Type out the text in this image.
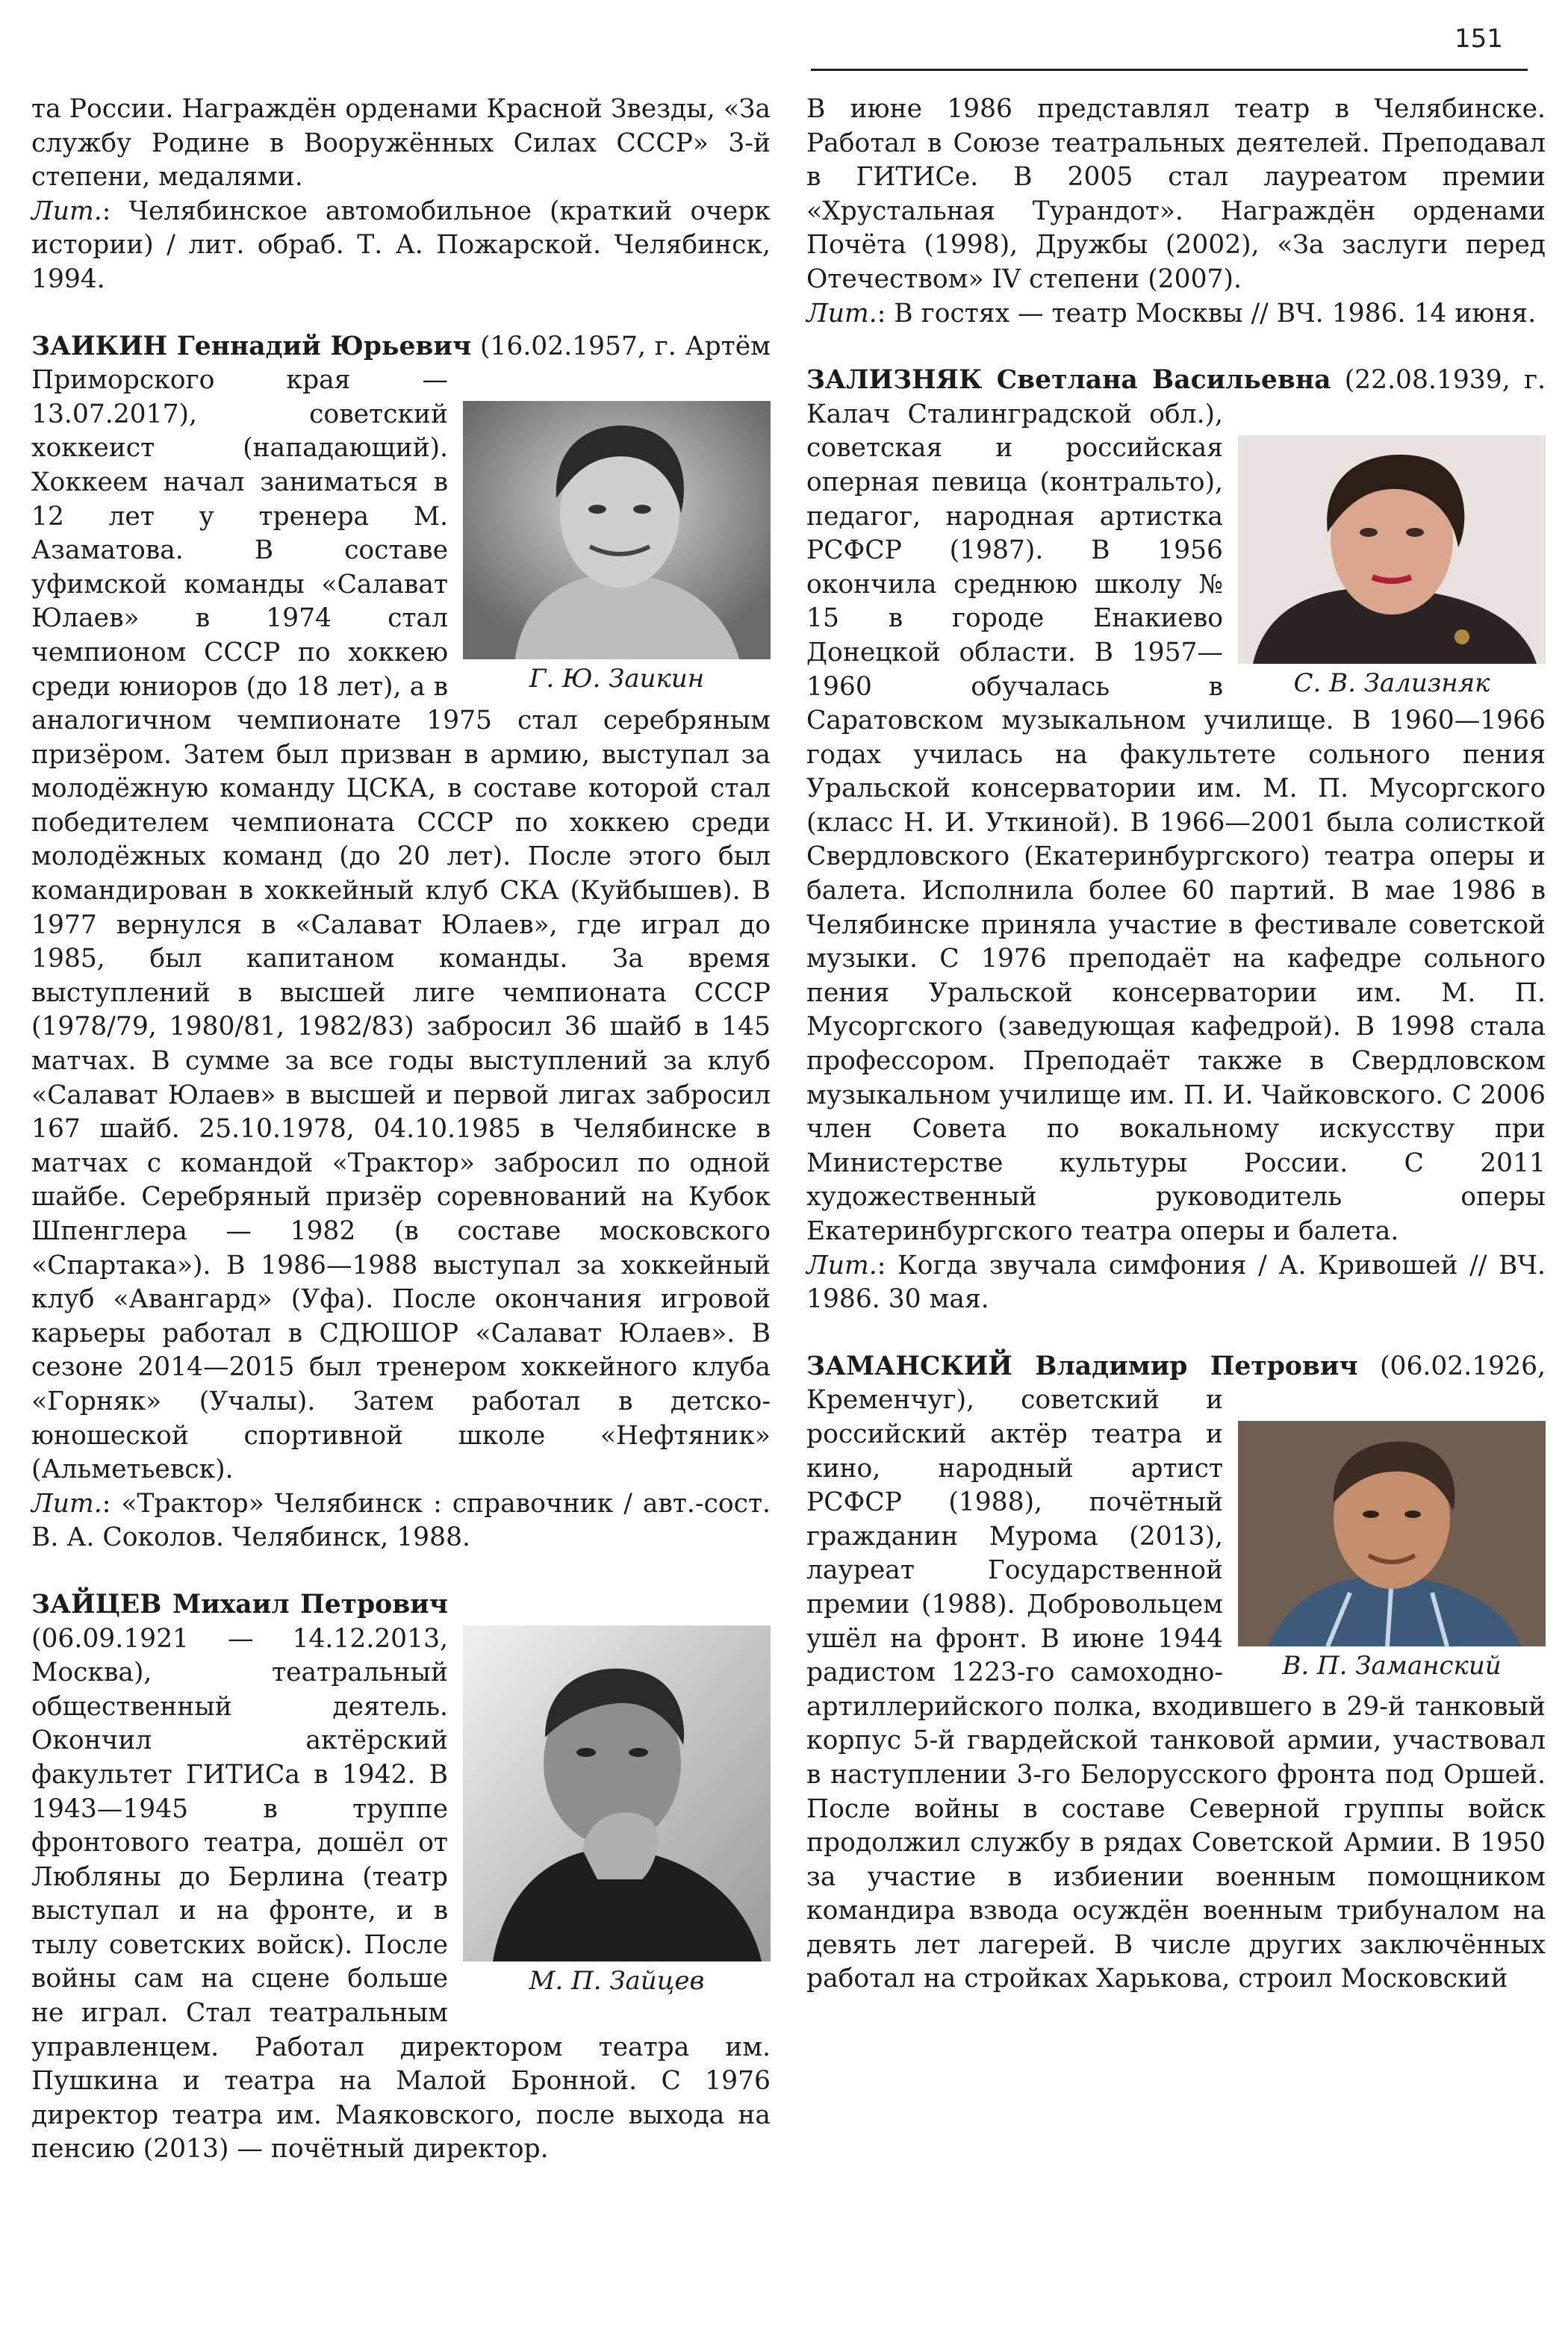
151

та России. Награждён орденами Красной Звезды, «За службу Родине в Вооружённых Силах СССР» 3-й степени, медалями.
Лит.: Челябинское автомобильное (краткий очерк истории) / лит. обраб. Т. А. Пожарской. Челябинск, 1994.

ЗАИКИН Геннадий Юрьевич
Г. Ю. Заикин
(16.02.1957, г. Артём Приморского края — 13.07.2017), советский хоккеист (нападающий). Хоккеем начал заниматься в 12 лет у тренера М. Азаматова. В составе уфимской команды «Салават Юлаев» в 1974 стал чемпионом СССР по хоккею среди юниоров (до 18 лет), а в аналогичном чемпионате 1975 стал серебряным призёром. Затем был призван в армию, выступал за молодёжную команду ЦСКА, в составе которой стал победителем чемпионата СССР по хоккею среди молодёжных команд (до 20 лет). После этого был командирован в хоккейный клуб СКА (Куйбышев). В 1977 вернулся в «Салават Юлаев», где играл до 1985, был капитаном команды. За время выступлений в высшей лиге чемпионата СССР (1978/79, 1980/81, 1982/83) забросил 36 шайб в 145 матчах. В сумме за все годы выступлений за клуб «Салават Юлаев» в высшей и первой лигах забросил 167 шайб. 25.10.1978, 04.10.1985 в Челябинске в матчах с командой «Трактор» забросил по одной шайбе. Серебряный призёр соревнований на Кубок Шпенглера — 1982 (в составе московского «Спартака»). В 1986—1988 выступал за хоккейный клуб «Авангард» (Уфа). После окончания игровой карьеры работал в СДЮШОР «Салават Юлаев». В сезоне 2014—2015 был тренером хоккейного клуба «Горняк» (Учалы). Затем работал в детско-юношеской спортивной школе «Нефтяник» (Альметьевск).
Лит.: «Трактор» Челябинск : справочник / авт.-сост. В. А. Соколов. Челябинск, 1988.

ЗАЙЦЕВ Михаил Петрович
М. П. Зайцев
(06.09.1921 — 14.12.2013, Москва), театральный общественный деятель. Окончил актёрский факультет ГИТИСа в 1942. В 1943—1945 в труппе фронтового театра, дошёл от Любляны до Берлина (театр выступал и на фронте, и в тылу советских войск). После войны сам на сцене больше не играл. Стал театральным управленцем. Работал директором театра им. Пушкина и театра на Малой Бронной. С 1976 директор театра им. Маяковского, после выхода на пенсию (2013) — почётный директор.

В июне 1986 представлял театр в Челябинске. Работал в Союзе театральных деятелей. Преподавал в ГИТИСе. В 2005 стал лауреатом премии «Хрустальная Турандот». Награждён орденами Почёта (1998), Дружбы (2002), «За заслуги перед Отечеством» IV степени (2007).
Лит.: В гостях — театр Москвы // ВЧ. 1986. 14 июня.

ЗАЛИЗНЯК Светлана Васильевна
С. В. Зализняк
(22.08.1939, г. Калач Сталинградской обл.), советская и российская оперная певица (контральто), педагог, народная артистка РСФСР (1987). В 1956 окончила среднюю школу № 15 в городе Енакиево Донецкой области. В 1957—1960 обучалась в Саратовском музыкальном училище. В 1960—1966 годах училась на факультете сольного пения Уральской консерватории им. М. П. Мусоргского (класс Н. И. Уткиной). В 1966—2001 была солисткой Свердловского (Екатеринбургского) театра оперы и балета. Исполнила более 60 партий. В мае 1986 в Челябинске приняла участие в фестивале советской музыки. С 1976 преподаёт на кафедре сольного пения Уральской консерватории им. М. П. Мусоргского (заведующая кафедрой). В 1998 стала профессором. Преподаёт также в Свердловском музыкальном училище им. П. И. Чайковского. С 2006 член Совета по вокальному искусству при Министерстве культуры России. С 2011 художественный руководитель оперы Екатеринбургского театра оперы и балета.
Лит.: Когда звучала симфония / А. Кривошей // ВЧ. 1986. 30 мая.

ЗАМАНСКИЙ Владимир Петрович
В. П. Заманский
(06.02.1926, Кременчуг), советский и российский актёр театра и кино, народный артист РСФСР (1988), почётный гражданин Мурома (2013), лауреат Государственной премии (1988). Добровольцем ушёл на фронт. В июне 1944 радистом 1223-го самоходно-артиллерийского полка, входившего в 29-й танковый корпус 5-й гвардейской танковой армии, участвовал в наступлении 3-го Белорусского фронта под Оршей. После войны в составе Северной группы войск продолжил службу в рядах Советской Армии. В 1950 за участие в избиении военным помощником командира взвода осуждён военным трибуналом на девять лет лагерей. В числе других заключённых работал на стройках Харькова, строил Московский
